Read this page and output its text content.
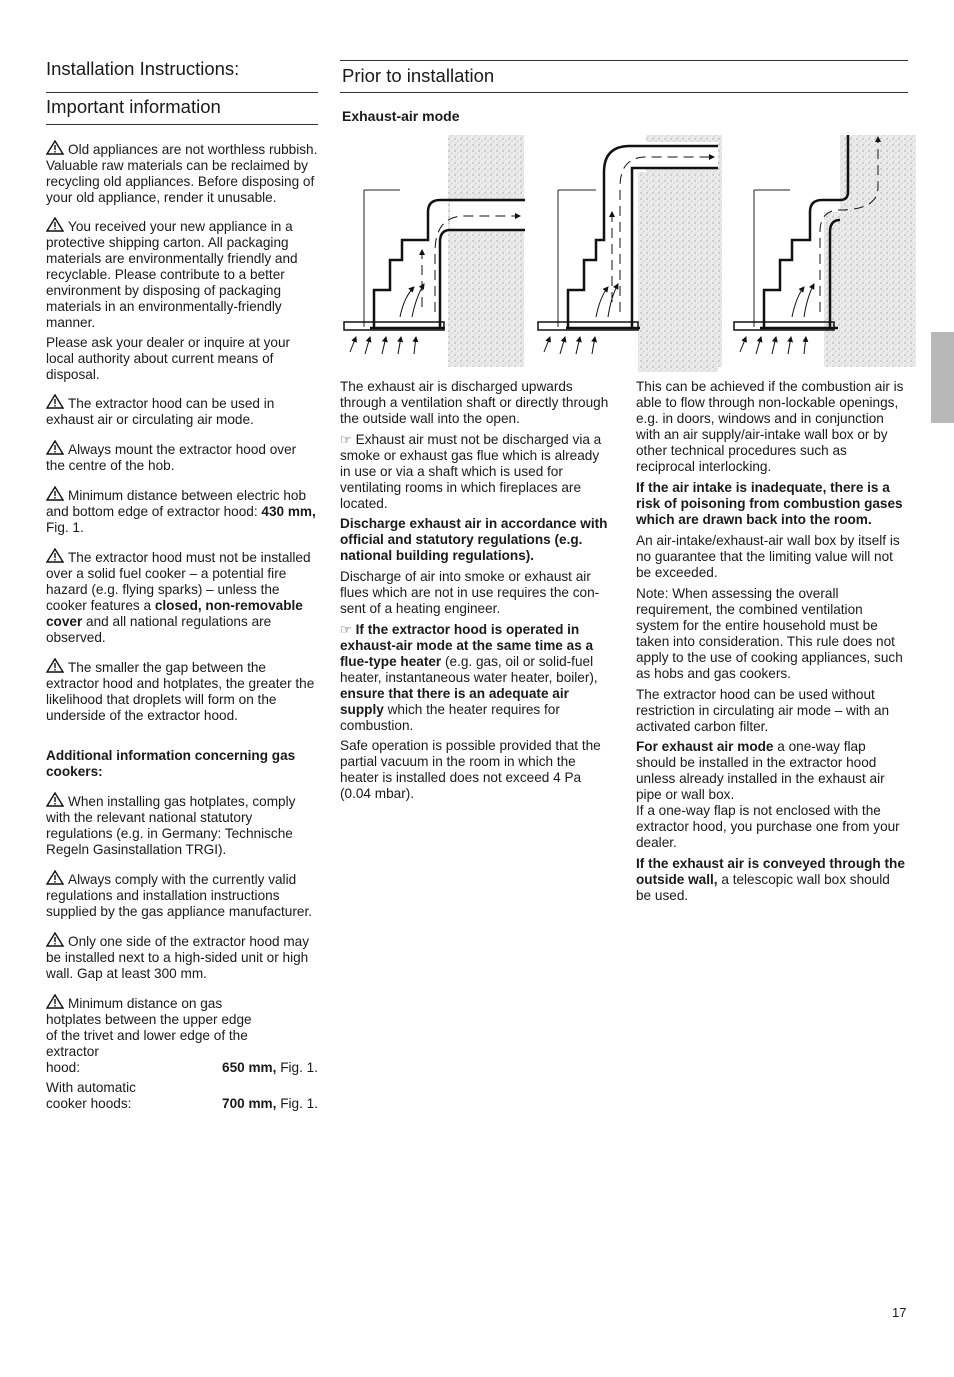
Installation Instructions:
Important information

Old appliances are not worthless rubbish. Valuable raw materials can be reclaimed by recycling old appliances. Before disposing of your old appliance, render it unusable.

You received your new appliance in a protective shipping carton. All packaging materials are environmentally friendly and recyclable. Please contribute to a better environment by disposing of packaging materials in an environmentally-friendly manner.

Please ask your dealer or inquire at your local authority about current means of disposal.

The extractor hood can be used in exhaust air or circulating air mode.

Always mount the extractor hood over the centre of the hob.

Minimum distance between electric hob and bottom edge of extractor hood: 430 mm, Fig. 1.

The extractor hood must not be installed over a solid fuel cooker – a potential fire hazard (e.g. flying sparks) – unless the cooker features a closed, non-removable cover and all national regulations are observed.

The smaller the gap between the extractor hood and hotplates, the greater the likelihood that droplets will form on the underside of the extractor hood.

Additional information concerning gas cookers:

When installing gas hotplates, comply with the relevant national statutory regulations (e.g. in Germany: Technische Regeln Gasinstallation TRGI).

Always comply with the currently valid regulations and installation instructions supplied by the gas appliance manufacturer.

Only one side of the extractor hood may be installed next to a high-sided unit or high wall. Gap at least 300 mm.

Minimum distance on gas hotplates between the upper edge of the trivet and lower edge of the extractor
hood:	650 mm, Fig. 1.
With automatic
cooker hoods:	700 mm, Fig. 1.
Prior to installation
Exhaust-air mode

The exhaust air is discharged upwards through a ventilation shaft or directly through the outside wall into the open.

☞ Exhaust air must not be discharged via a smoke or exhaust gas flue which is already in use or via a shaft which is used for ventilating rooms in which fireplaces are located.

Discharge exhaust air in accordance with official and statutory regulations (e.g. national building regulations).

Discharge of air into smoke or exhaust air flues which are not in use requires the con-sent of a heating engineer.

☞ If the extractor hood is operated in exhaust-air mode at the same time as a flue-type heater (e.g. gas, oil or solid-fuel heater, instantaneous water heater, boiler), ensure that there is an adequate air supply which the heater requires for combustion.

Safe operation is possible provided that the partial vacuum in the room in which the heater is installed does not exceed 4 Pa (0.04 mbar).

This can be achieved if the combustion air is able to flow through non-lockable openings, e.g. in doors, windows and in conjunction with an air supply/air-intake wall box or by other technical procedures such as reciprocal interlocking.

If the air intake is inadequate, there is a risk of poisoning from combustion gases which are drawn back into the room.

An air-intake/exhaust-air wall box by itself is no guarantee that the limiting value will not be exceeded.

Note: When assessing the overall requirement, the combined ventilation system for the entire household must be taken into consideration. This rule does not apply to the use of cooking appliances, such as hobs and gas cookers.

The extractor hood can be used without restriction in circulating air mode – with an activated carbon filter.

For exhaust air mode a one-way flap should be installed in the extractor hood unless already installed in the exhaust air pipe or wall box.

If a one-way flap is not enclosed with the extractor hood, you purchase one from your dealer.

If the exhaust air is conveyed through the outside wall, a telescopic wall box should be used.

17
